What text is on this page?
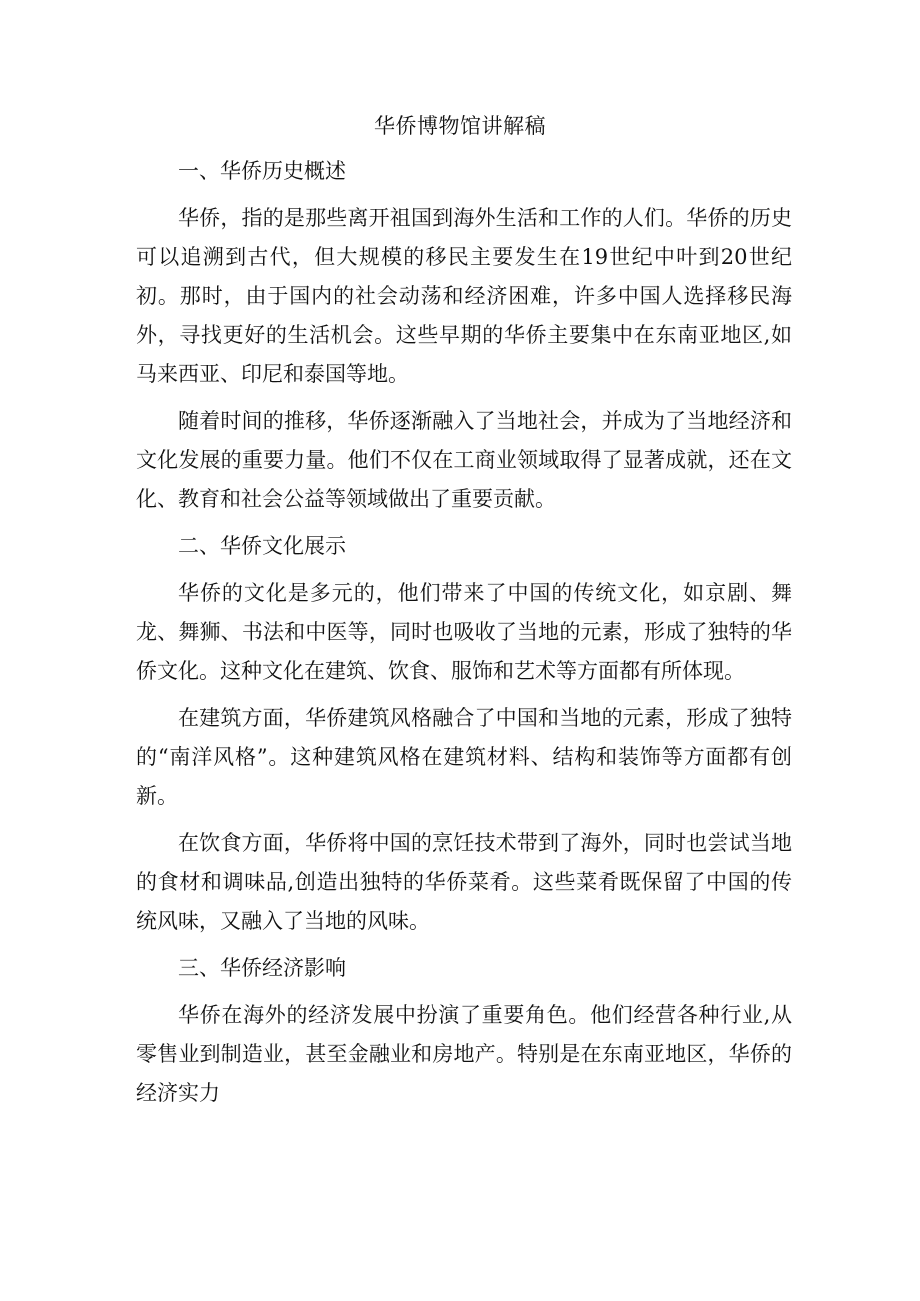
华侨博物馆讲解稿
一、华侨历史概述

华侨，指的是那些离开祖国到海外生活和工作的人们。华侨的历史可以追溯到古代，但大规模的移民主要发生在19世纪中叶到20世纪初。那时，由于国内的社会动荡和经济困难，许多中国人选择移民海外，寻找更好的生活机会。这些早期的华侨主要集中在东南亚地区,如马来西亚、印尼和泰国等地。

随着时间的推移，华侨逐渐融入了当地社会，并成为了当地经济和文化发展的重要力量。他们不仅在工商业领域取得了显著成就，还在文化、教育和社会公益等领域做出了重要贡献。

二、华侨文化展示

华侨的文化是多元的，他们带来了中国的传统文化，如京剧、舞龙、舞狮、书法和中医等，同时也吸收了当地的元素，形成了独特的华侨文化。这种文化在建筑、饮食、服饰和艺术等方面都有所体现。

在建筑方面，华侨建筑风格融合了中国和当地的元素，形成了独特的“南洋风格”。这种建筑风格在建筑材料、结构和装饰等方面都有创新。

在饮食方面，华侨将中国的烹饪技术带到了海外，同时也尝试当地的食材和调味品,创造出独特的华侨菜肴。这些菜肴既保留了中国的传统风味，又融入了当地的风味。

三、华侨经济影响

华侨在海外的经济发展中扮演了重要角色。他们经营各种行业,从零售业到制造业，甚至金融业和房地产。特别是在东南亚地区，华侨的经济实力
